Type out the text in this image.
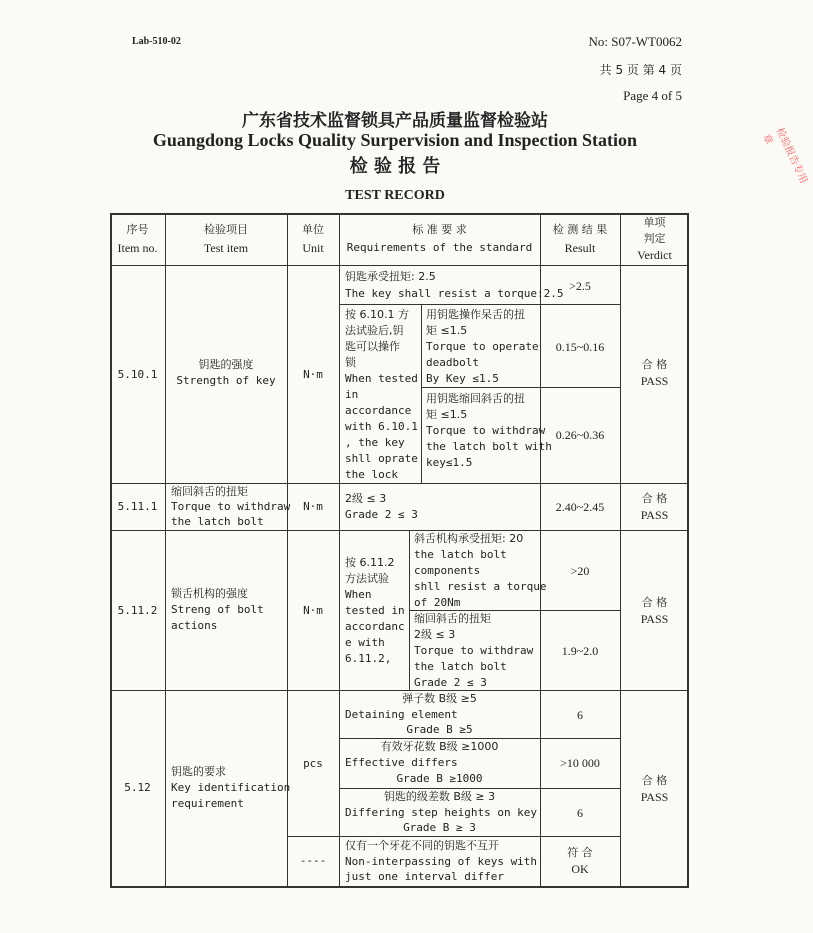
Lab-510-02	No: S07-WT0062
共 5 页 第 4 页
Page 4 of 5
广东省技术监督锁具产品质量监督检验站
Guangdong Locks Quality Surpervision and Inspection Station
检 验 报 告
TEST RECORD
检验报告专用章
序号
Item no.
检验项目
Test item
单位
Unit
标 准 要 求
Requirements of the standard
检 测 结 果
Result
单项
判定
Verdict
5.10.1
钥匙的强度
Strength of key	N·m
钥匙承受扭矩: 2.5
The key shall resist a torque:2.5
>2.5
按 6.10.1 方
法试验后,钥
匙可以操作
锁
When tested
in
accordance
with 6.10.1
, the key
shll oprate
the lock
用钥匙操作呆舌的扭
矩 ≤1.5
Torque to operate
deadbolt
By Key ≤1.5
0.15~0.16
用钥匙缩回斜舌的扭
矩 ≤1.5
Torque to withdraw
the latch bolt with
key≤1.5
0.26~0.36
合 格
PASS
5.11.1
缩回斜舌的扭矩
Torque to withdraw
the latch bolt
N·m
2级 ≤ 3
Grade 2 ≤ 3
2.40~2.45
合 格
PASS
5.11.2
锁舌机构的强度
Streng of bolt
actions
N·m
按 6.11.2
方法试验
When
tested in
accordanc
e with
6.11.2,
斜舌机构承受扭矩: 20
the latch bolt
components
shll resist a torque
of 20Nm
>20
缩回斜舌的扭矩
2级 ≤ 3
Torque to withdraw
the latch bolt
Grade 2 ≤ 3
1.9~2.0
合 格
PASS
5.12
钥匙的要求
Key identification
requirement
pcs
弹子数 B级 ≥5
Detaining element
Grade B ≥5
6
有效牙花数 B级 ≥1000
Effective differs
Grade B ≥1000
>10 000
钥匙的级差数 B级 ≥ 3
Differing step heights on key
Grade B ≥ 3
6
----
仅有一个牙花不同的钥匙不互开
Non-interpassing of keys with
just one interval differ
符 合
OK
合 格
PASS
